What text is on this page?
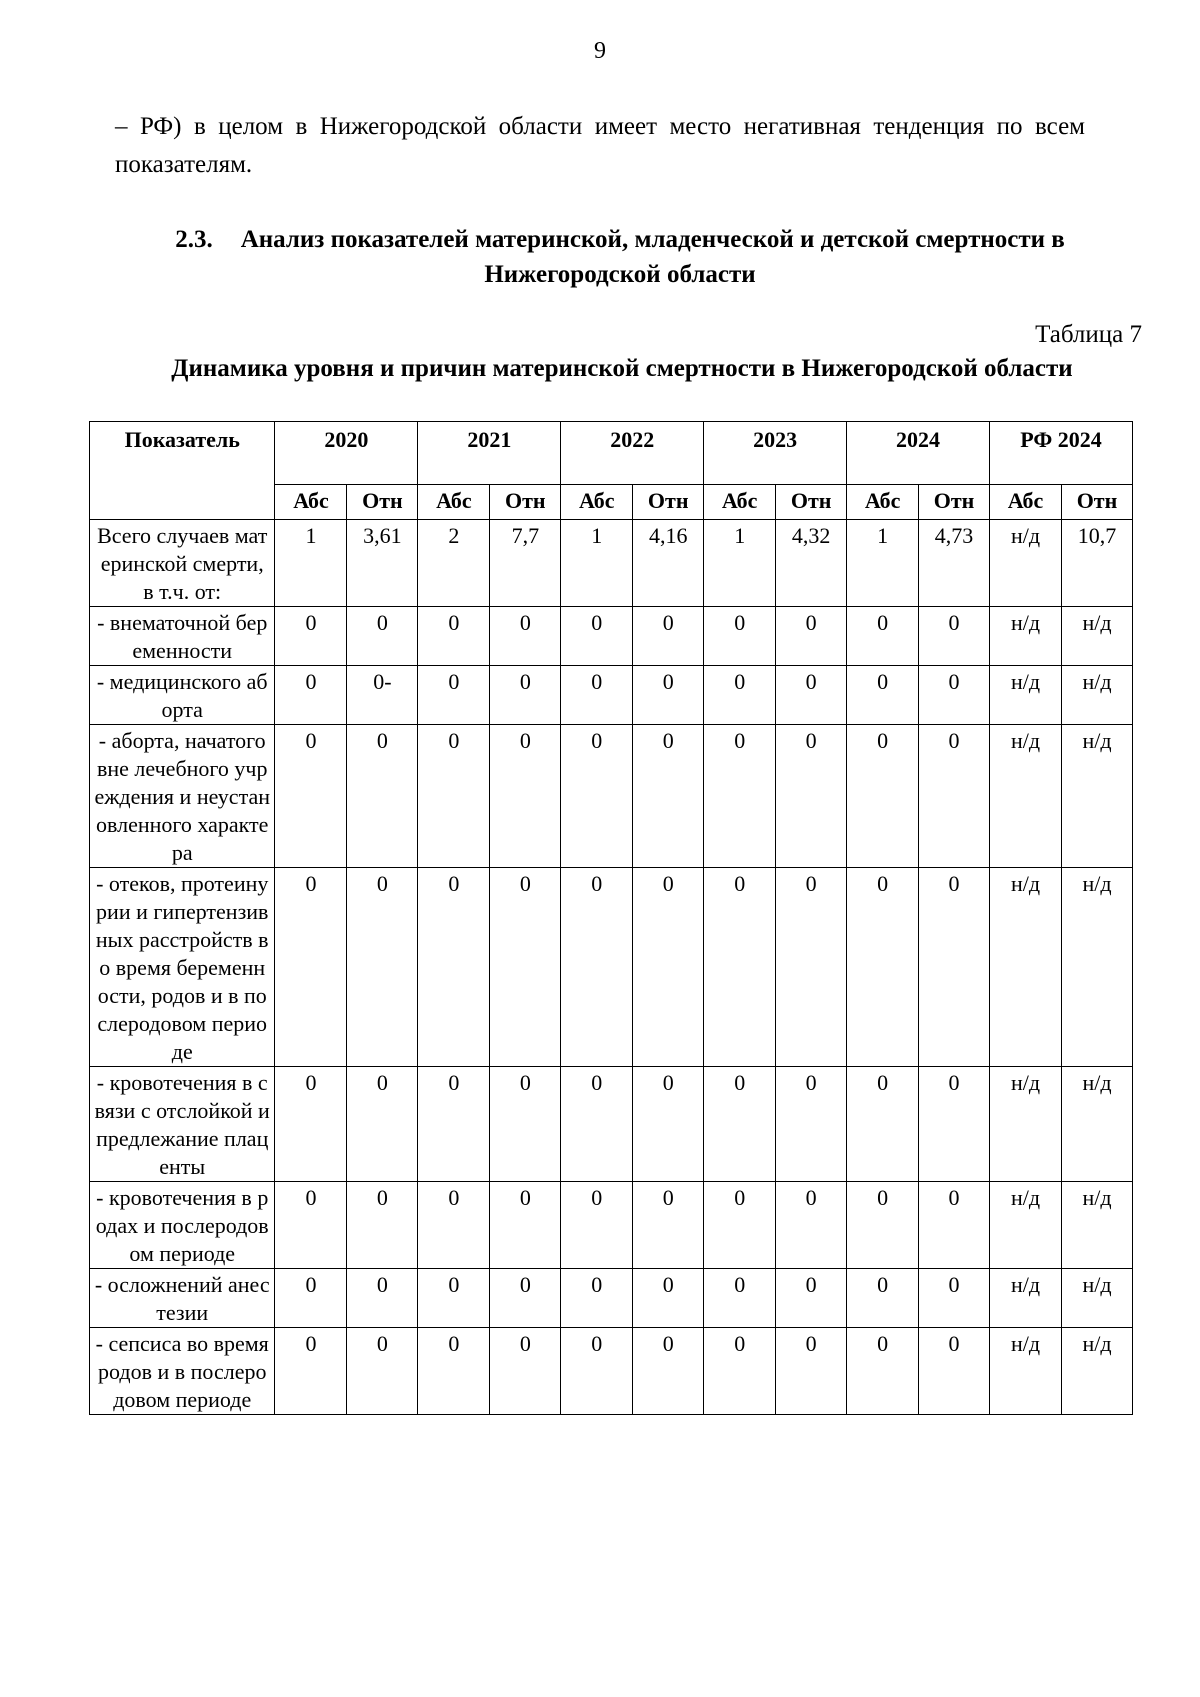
9
– РФ) в целом в Нижегородской области имеет место негативная тенденция по всем показателям.
2.3. Анализ показателей материнской, младенческой и детской смертности в Нижегородской области
Таблица 7
Динамика уровня и причин материнской смертности в Нижегородской области
Показатель	2020		2021		2022		2023		2024		РФ 2024	
	Абс	Отн	Абс	Отн	Абс	Отн	Абс	Отн	Абс	Отн	Абс	Отн
Всего случаев материнской смерти, в т.ч. от:	1	3,61	2	7,7	1	4,16	1	4,32	1	4,73	н/д	10,7
- внематочной беременности	0	0	0	0	0	0	0	0	0	0	н/д	н/д
- медицинского аборта	0	0-	0	0	0	0	0	0	0	0	н/д	н/д
- аборта, начатого вне лечебного учреждения и неустановленного характера	0	0	0	0	0	0	0	0	0	0	н/д	н/д
- отеков, протеинурии и гипертензивных расстройств во время беременности, родов и в послеродовом периоде	0	0	0	0	0	0	0	0	0	0	н/д	н/д
- кровотечения в связи с отслойкой и предлежание плаценты	0	0	0	0	0	0	0	0	0	0	н/д	н/д
- кровотечения в родах и послеродовом периоде	0	0	0	0	0	0	0	0	0	0	н/д	н/д
- осложнений анестезии	0	0	0	0	0	0	0	0	0	0	н/д	н/д
- сепсиса во время родов и в послеродовом периоде	0	0	0	0	0	0	0	0	0	0	н/д	н/д
